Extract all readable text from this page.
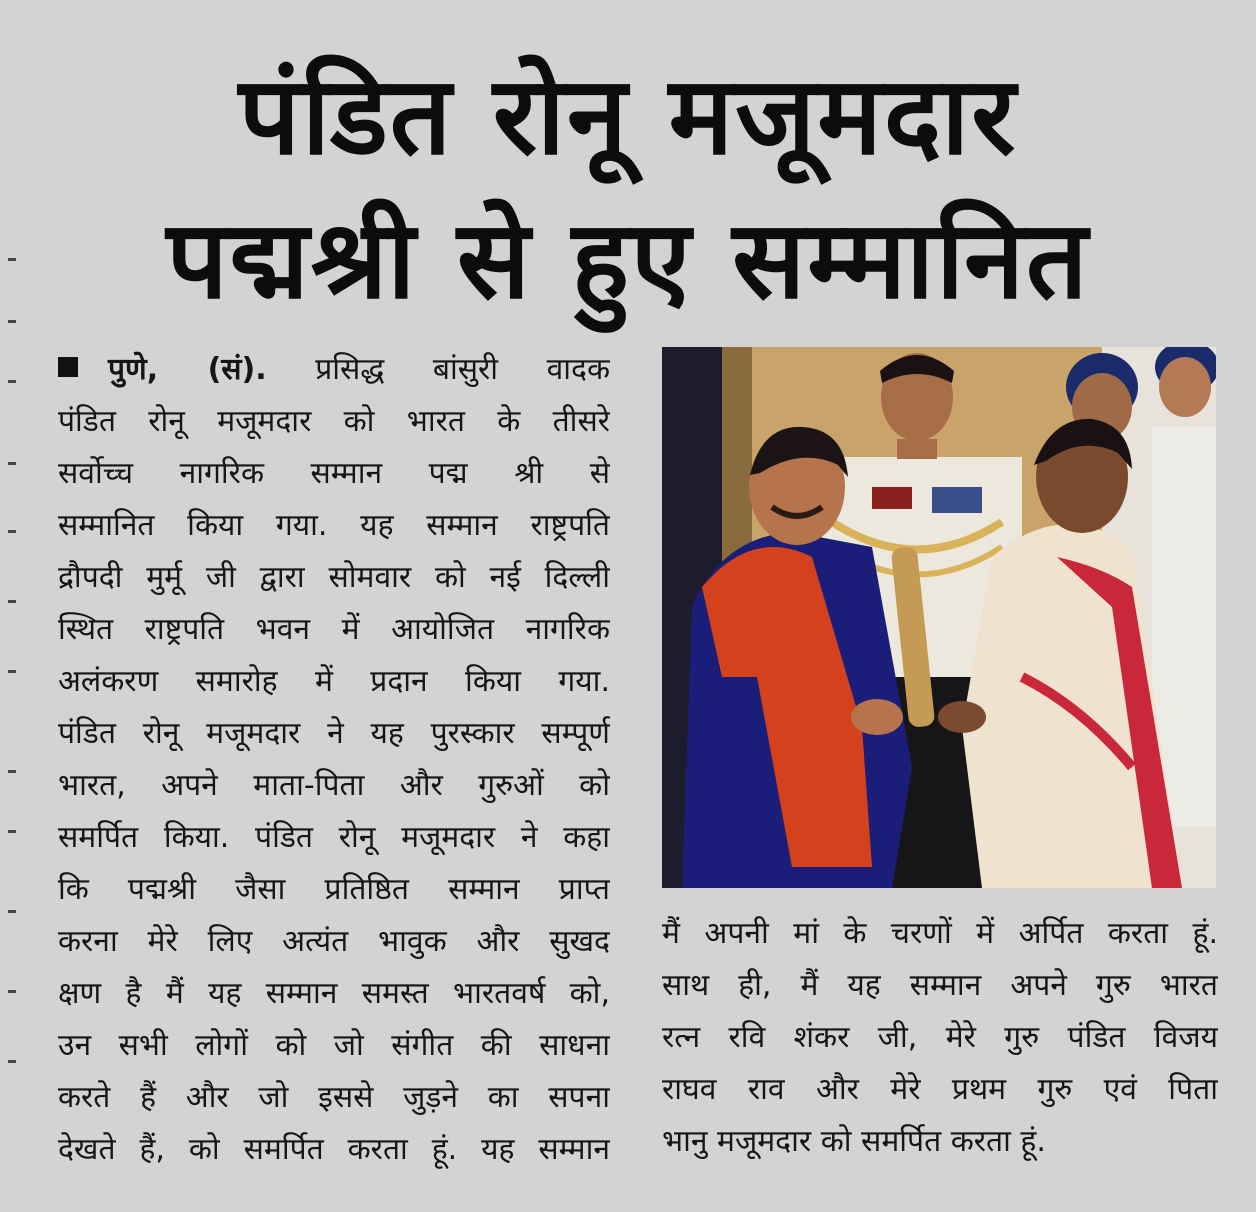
पंडित रोनू मजूमदार
पद्मश्री से हुए सम्मानित
पुणे, (सं). प्रसिद्ध बांसुरी वादक
पंडित रोनू मजूमदार को भारत के तीसरे
सर्वोच्च नागरिक सम्मान पद्म श्री से
सम्मानित किया गया. यह सम्मान राष्ट्रपति
द्रौपदी मुर्मू जी द्वारा सोमवार को नई दिल्ली
स्थित राष्ट्रपति भवन में आयोजित नागरिक
अलंकरण समारोह में प्रदान किया गया.
पंडित रोनू मजूमदार ने यह पुरस्कार सम्पूर्ण
भारत, अपने माता-पिता और गुरुओं को
समर्पित किया. पंडित रोनू मजूमदार ने कहा
कि पद्मश्री जैसा प्रतिष्ठित सम्मान प्राप्त
करना मेरे लिए अत्यंत भावुक और सुखद
क्षण है मैं यह सम्मान समस्त भारतवर्ष को,
उन सभी लोगों को जो संगीत की साधना
करते हैं और जो इससे जुड़ने का सपना
देखते हैं, को समर्पित करता हूं. यह सम्मान
मैं अपनी मां के चरणों में अर्पित करता हूं.
साथ ही, मैं यह सम्मान अपने गुरु भारत
रत्न रवि शंकर जी, मेरे गुरु पंडित विजय
राघव राव और मेरे प्रथम गुरु एवं पिता
भानु मजूमदार को समर्पित करता हूं.
